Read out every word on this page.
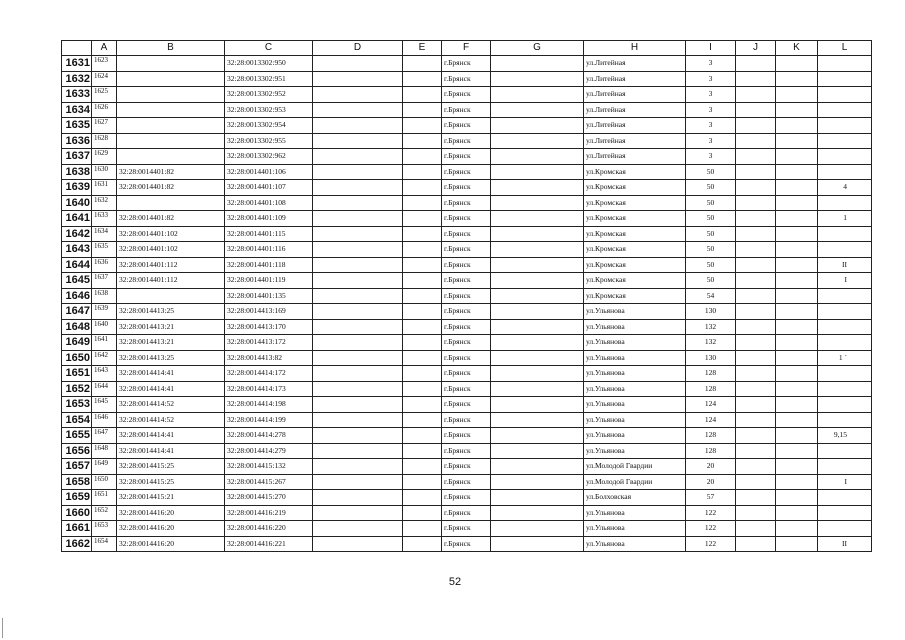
	A	B	C	D	E	F	G	H	I	J	K	L
1631	1623		32:28:0013302:950			г.Брянск		ул.Литейная	3			
1632	1624		32:28:0013302:951			г.Брянск		ул.Литейная	3			
1633	1625		32:28:0013302:952			г.Брянск		ул.Литейная	3			
1634	1626		32:28:0013302:953			г.Брянск		ул.Литейная	3			
1635	1627		32:28:0013302:954			г.Брянск		ул.Литейная	3			
1636	1628		32:28:0013302:955			г.Брянск		ул.Литейная	3			
1637	1629		32:28:0013302:962			г.Брянск		ул.Литейная	3			
1638	1630	32:28:0014401:82	32:28:0014401:106			г.Брянск		ул.Кромская	50			
1639	1631	32:28:0014401:82	32:28:0014401:107			г.Брянск		ул.Кромская	50			4
1640	1632		32:28:0014401:108			г.Брянск		ул.Кромская	50			
1641	1633	32:28:0014401:82	32:28:0014401:109			г.Брянск		ул.Кромская	50			1
1642	1634	32:28:0014401:102	32:28:0014401:115			г.Брянск		ул.Кромская	50			
1643	1635	32:28:0014401:102	32:28:0014401:116			г.Брянск		ул.Кромская	50			
1644	1636	32:28:0014401:112	32:28:0014401:118			г.Брянск		ул.Кромская	50			II
1645	1637	32:28:0014401:112	32:28:0014401:119			г.Брянск		ул.Кромская	50			I
1646	1638		32:28:0014401:135			г.Брянск		ул.Кромская	54			
1647	1639	32:28:0014413:25	32:28:0014413:169			г.Брянск		ул.Ульянова	130			
1648	1640	32:28:0014413:21	32:28:0014413:170			г.Брянск		ул.Ульянова	132			
1649	1641	32:28:0014413:21	32:28:0014413:172			г.Брянск		ул.Ульянова	132			
1650	1642	32:28:0014413:25	32:28:0014413:82			г.Брянск		ул.Ульянова	130			1 ´
1651	1643	32:28:0014414:41	32:28:0014414:172			г.Брянск		ул.Ульянова	128			
1652	1644	32:28:0014414:41	32:28:0014414:173			г.Брянск		ул.Ульянова	128			
1653	1645	32:28:0014414:52	32:28:0014414:198			г.Брянск		ул.Ульянова	124			
1654	1646	32:28:0014414:52	32:28:0014414:199			г.Брянск		ул.Ульянова	124			
1655	1647	32:28:0014414:41	32:28:0014414:278			г.Брянск		ул.Ульянова	128			9,15
1656	1648	32:28:0014414:41	32:28:0014414:279			г.Брянск		ул.Ульянова	128			
1657	1649	32:28:0014415:25	32:28:0014415:132			г.Брянск		ул.Молодой Гвардии	20			
1658	1650	32:28:0014415:25	32:28:0014415:267			г.Брянск		ул.Молодой Гвардии	20			I
1659	1651	32:28:0014415:21	32:28:0014415:270			г.Брянск		ул.Болховская	57			
1660	1652	32:28:0014416:20	32:28:0014416:219			г.Брянск		ул.Ульянова	122			
1661	1653	32:28:0014416:20	32:28:0014416:220			г.Брянск		ул.Ульянова	122			
1662	1654	32:28:0014416:20	32:28:0014416:221			г.Брянск		ул.Ульянова	122			II
52
